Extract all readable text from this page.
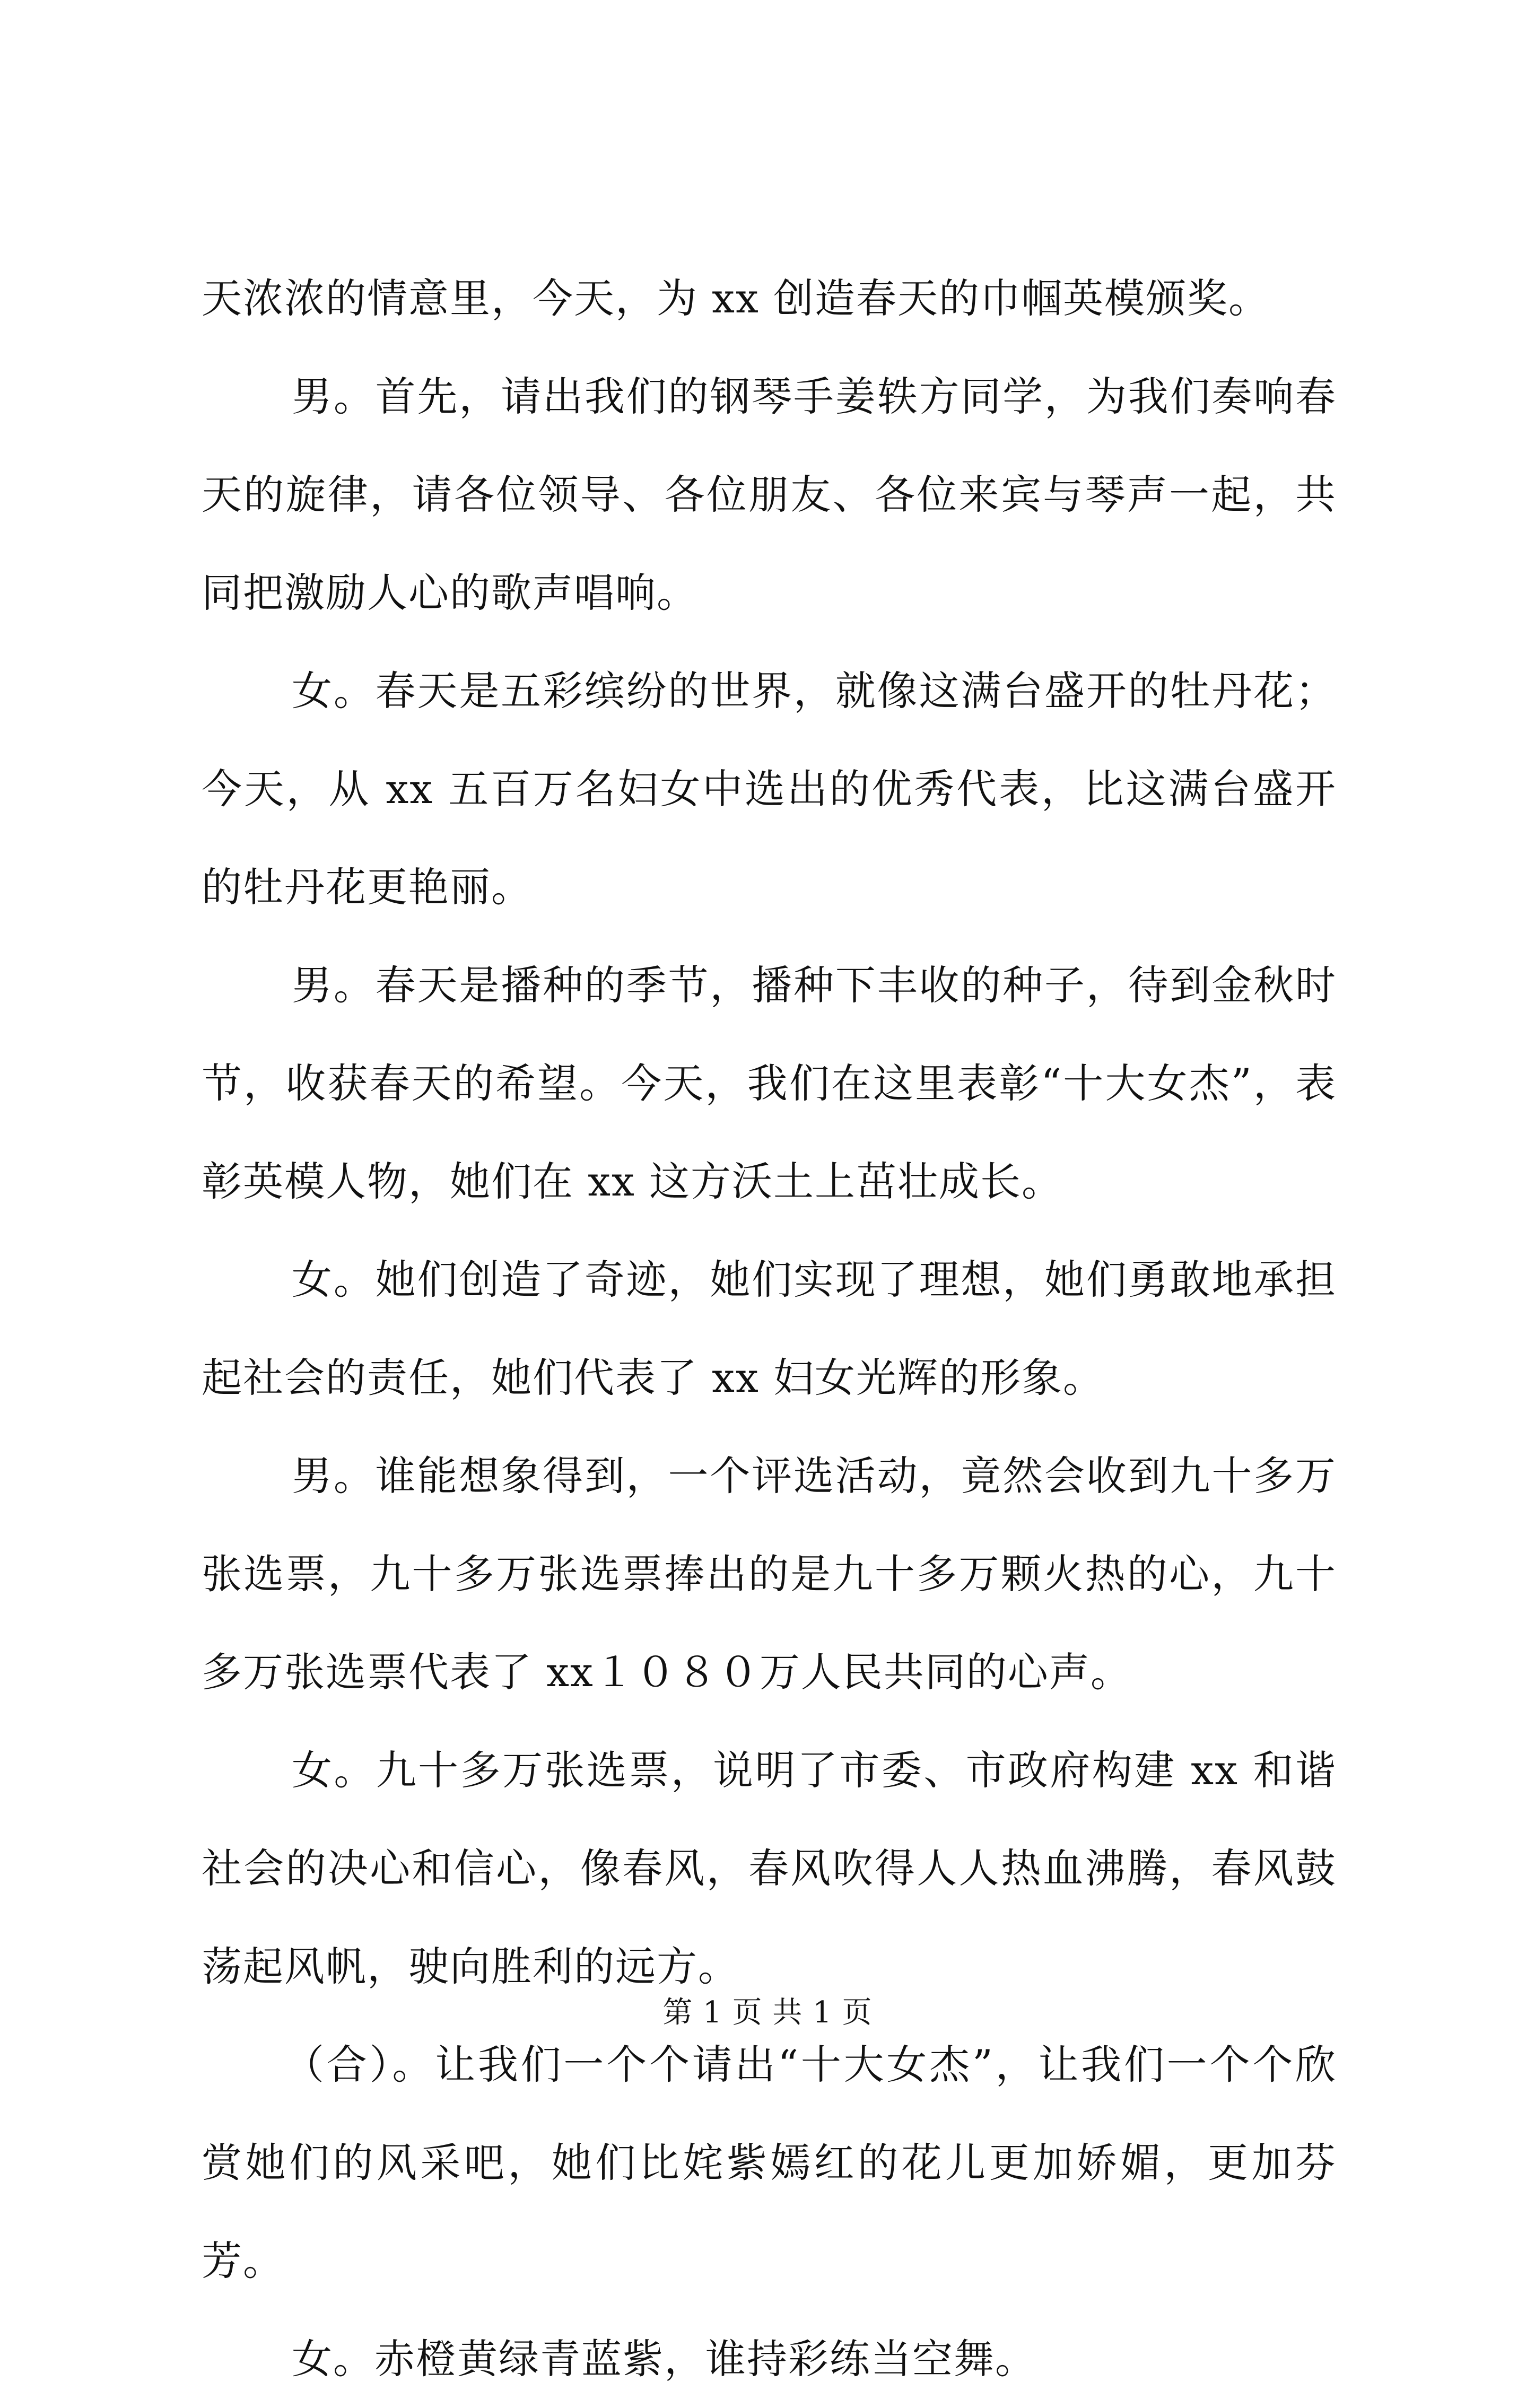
天浓浓的情意里，今天，为 xx 创造春天的巾帼英模颁奖。

男。首先，请出我们的钢琴手姜轶方同学，为我们奏响春天的旋律，请各位领导、各位朋友、各位来宾与琴声一起，共同把激励人心的歌声唱响。

女。春天是五彩缤纷的世界，就像这满台盛开的牡丹花；今天，从 xx 五百万名妇女中选出的优秀代表，比这满台盛开的牡丹花更艳丽。

男。春天是播种的季节，播种下丰收的种子，待到金秋时节，收获春天的希望。今天，我们在这里表彰“十大女杰”，表彰英模人物，她们在 xx 这方沃土上茁壮成长。

女。她们创造了奇迹，她们实现了理想，她们勇敢地承担起社会的责任，她们代表了 xx 妇女光辉的形象。

男。谁能想象得到，一个评选活动，竟然会收到九十多万张选票，九十多万张选票捧出的是九十多万颗火热的心，九十多万张选票代表了 xx１０８０万人民共同的心声。

女。九十多万张选票，说明了市委、市政府构建 xx 和谐社会的决心和信心，像春风，春风吹得人人热血沸腾，春风鼓荡起风帆，驶向胜利的远方。

（合）。让我们一个个请出“十大女杰”，让我们一个个欣赏她们的风采吧，她们比姹紫嫣红的花儿更加娇媚，更加芬芳。

女。赤橙黄绿青蓝紫，谁持彩练当空舞。

第 1 页 共 1 页
